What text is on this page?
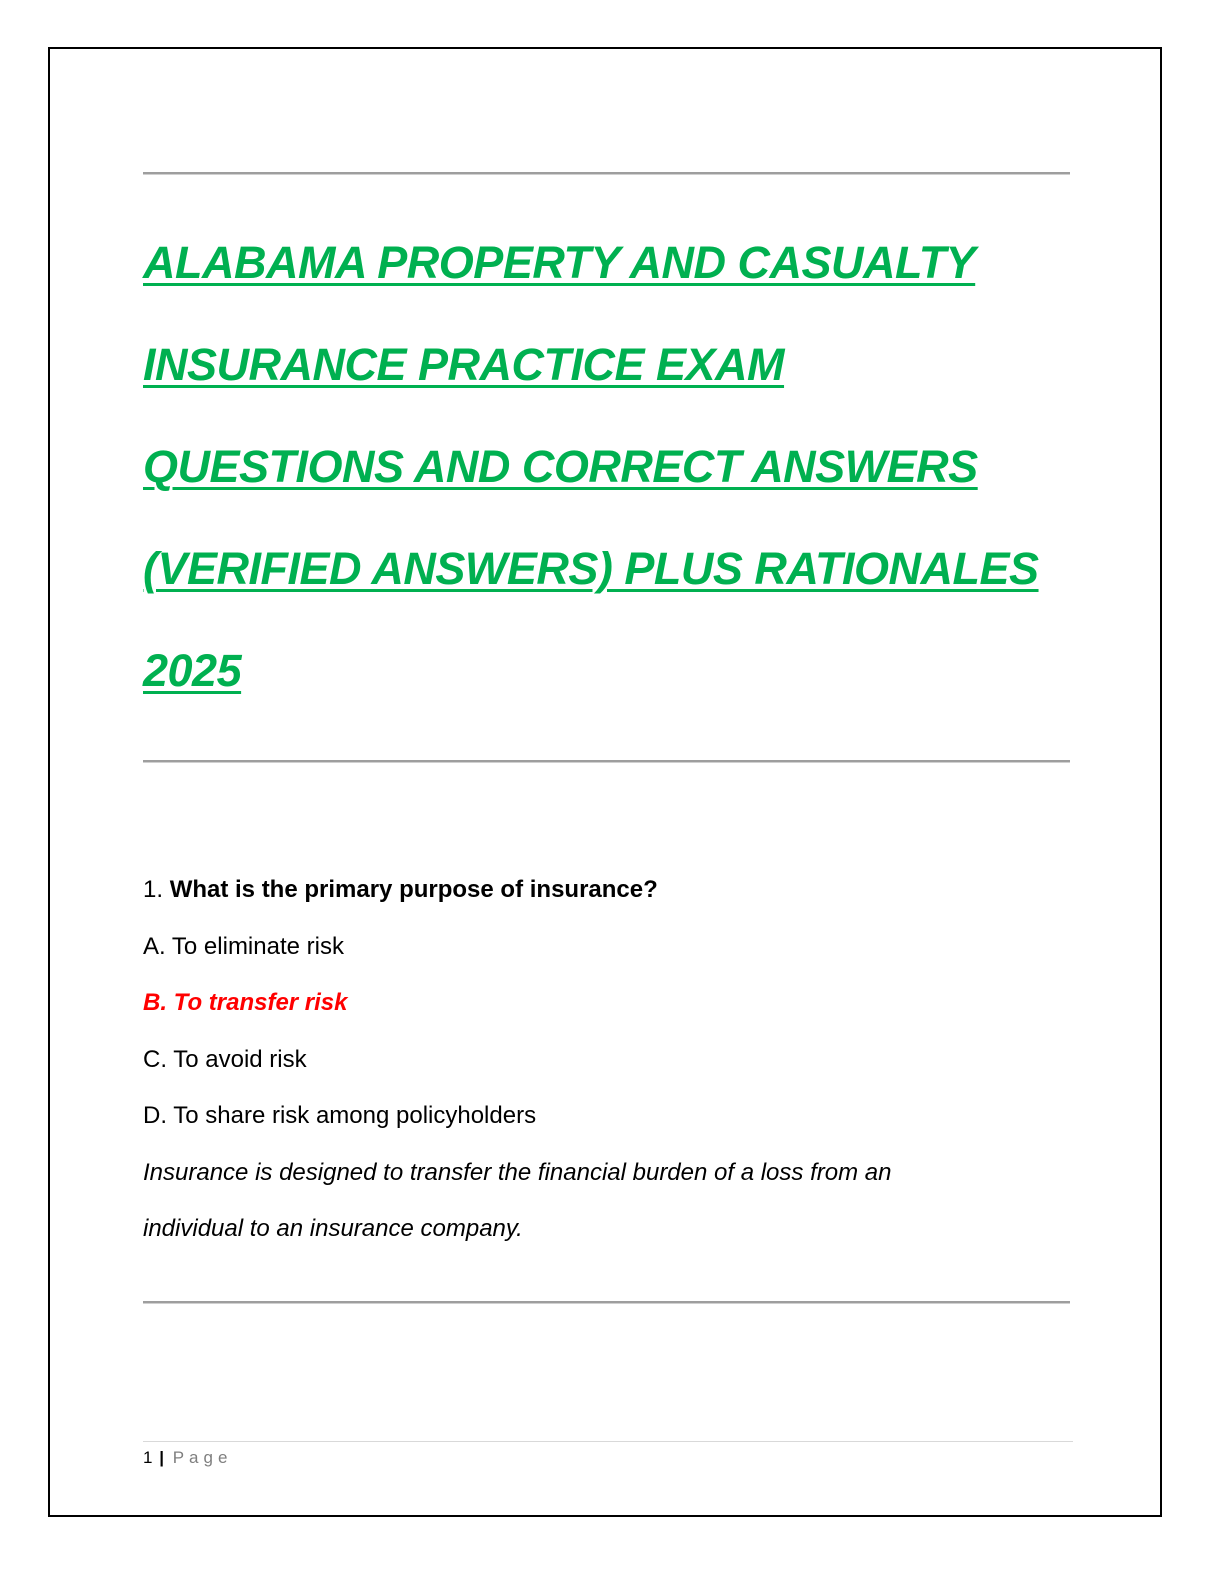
ALABAMA PROPERTY AND CASUALTY
INSURANCE PRACTICE EXAM
QUESTIONS AND CORRECT ANSWERS
(VERIFIED ANSWERS) PLUS RATIONALES
2025
1. What is the primary purpose of insurance?
A. To eliminate risk
B. To transfer risk
C. To avoid risk
D. To share risk among policyholders
Insurance is designed to transfer the financial burden of a loss from an
individual to an insurance company.
1 | Page
